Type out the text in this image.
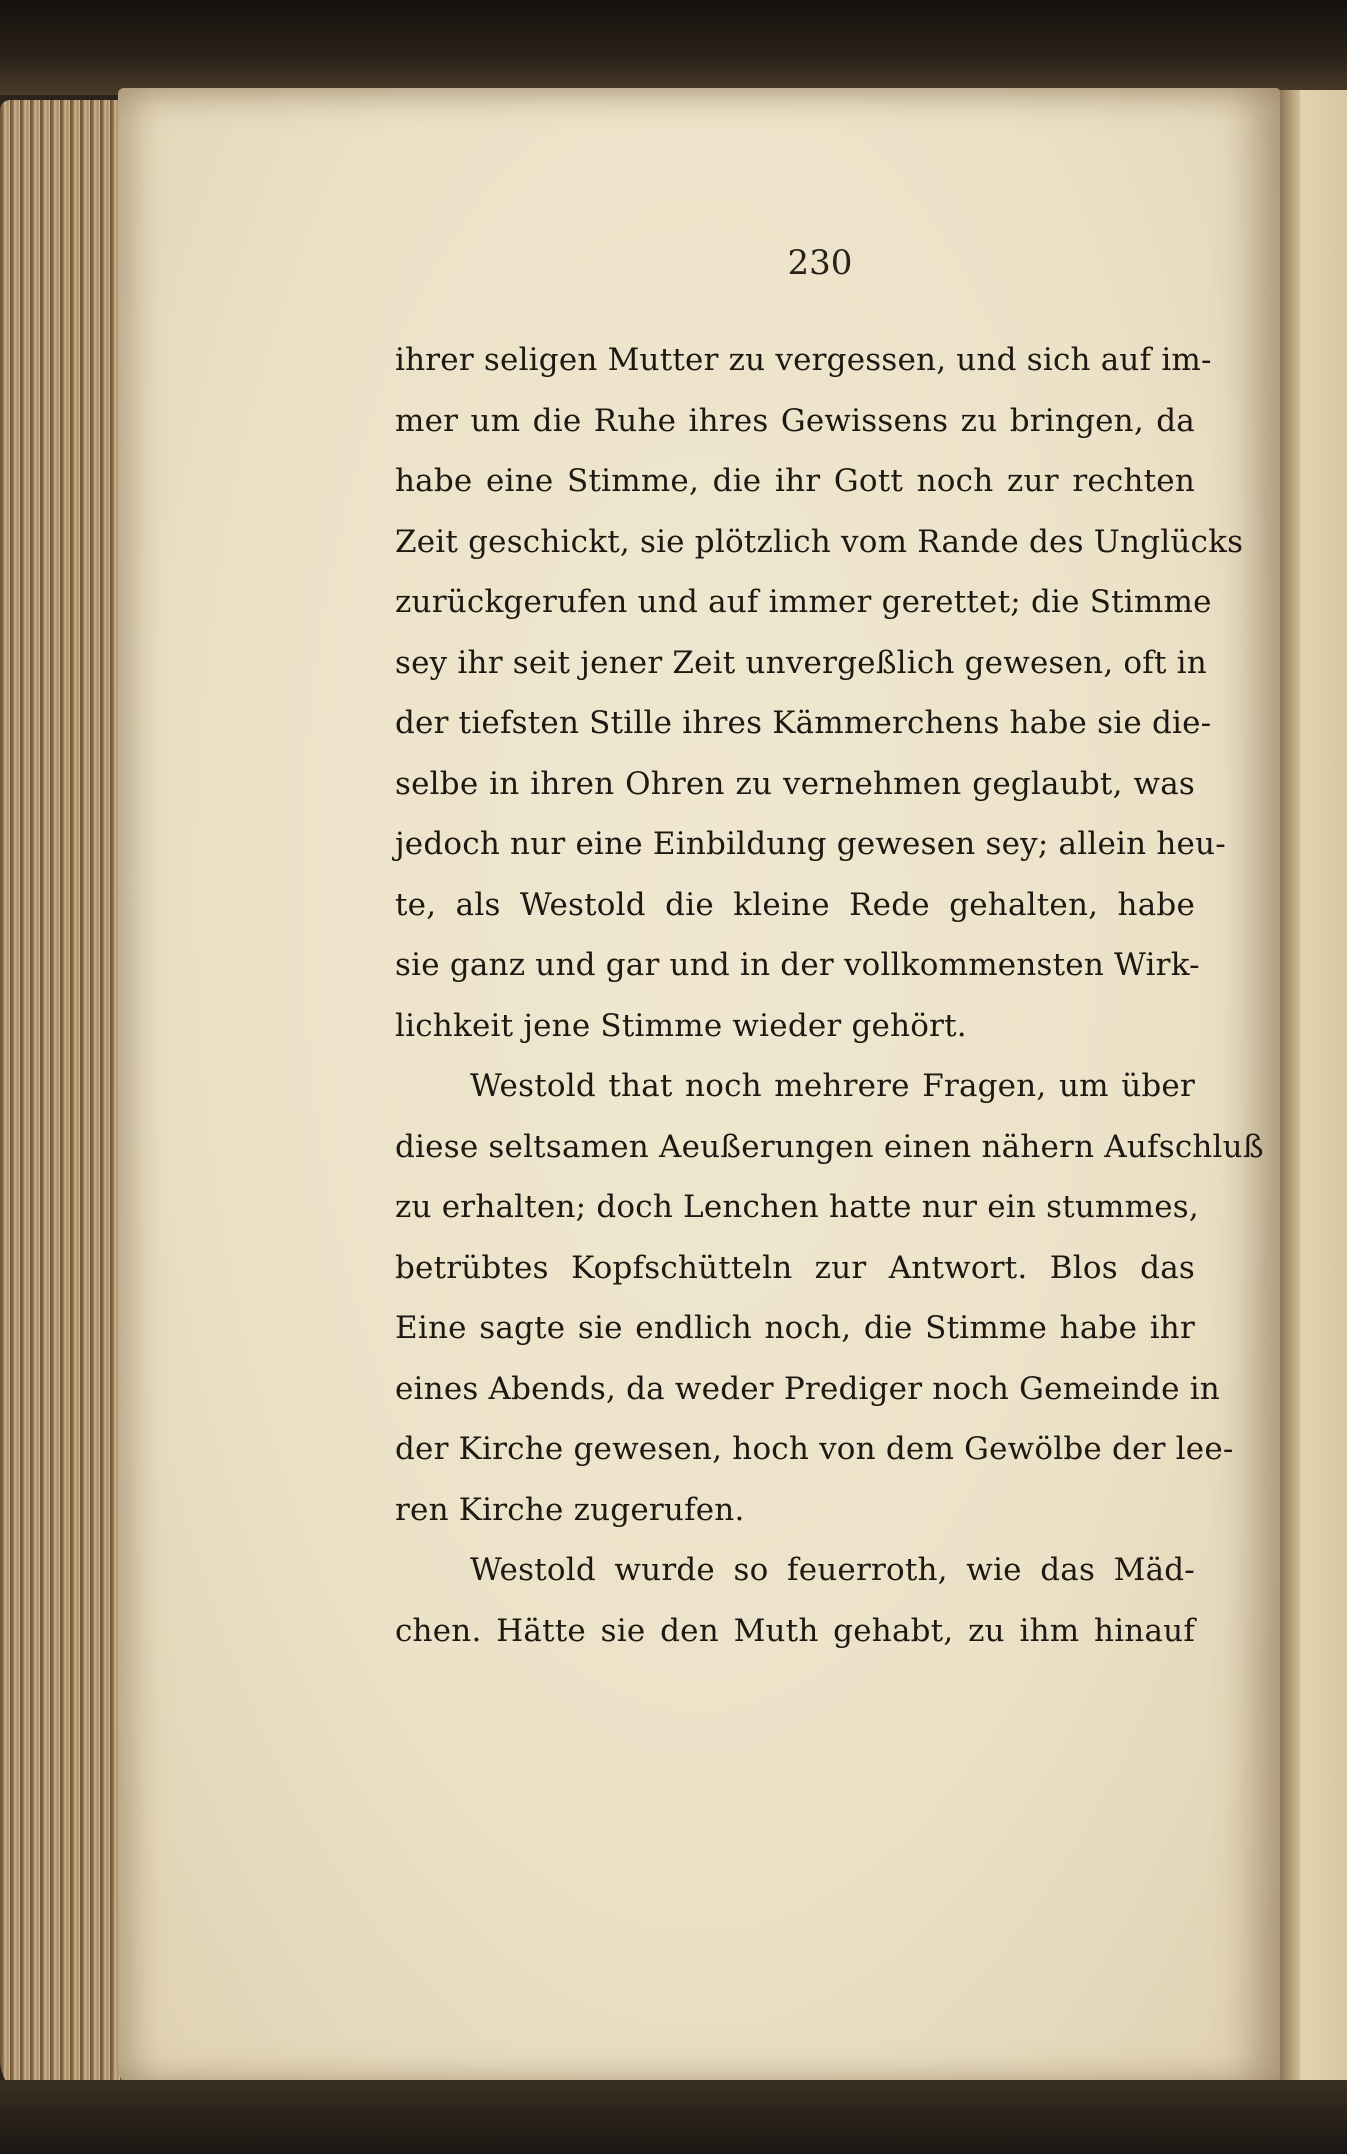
230
ihrer seligen Mutter zu vergessen, und sich auf im-
mer um die Ruhe ihres Gewissens zu bringen, da
habe eine Stimme, die ihr Gott noch zur rechten
Zeit geschickt, sie plötzlich vom Rande des Unglücks
zurückgerufen und auf immer gerettet; die Stimme
sey ihr seit jener Zeit unvergeßlich gewesen, oft in
der tiefsten Stille ihres Kämmerchens habe sie die-
selbe in ihren Ohren zu vernehmen geglaubt, was
jedoch nur eine Einbildung gewesen sey; allein heu-
te, als Westold die kleine Rede gehalten, habe
sie ganz und gar und in der vollkommensten Wirk-
lichkeit jene Stimme wieder gehört.
Westold that noch mehrere Fragen, um über
diese seltsamen Aeußerungen einen nähern Aufschluß
zu erhalten; doch Lenchen hatte nur ein stummes,
betrübtes Kopfschütteln zur Antwort. Blos das
Eine sagte sie endlich noch, die Stimme habe ihr
eines Abends, da weder Prediger noch Gemeinde in
der Kirche gewesen, hoch von dem Gewölbe der lee-
ren Kirche zugerufen.
Westold wurde so feuerroth, wie das Mäd-
chen. Hätte sie den Muth gehabt, zu ihm hinauf
